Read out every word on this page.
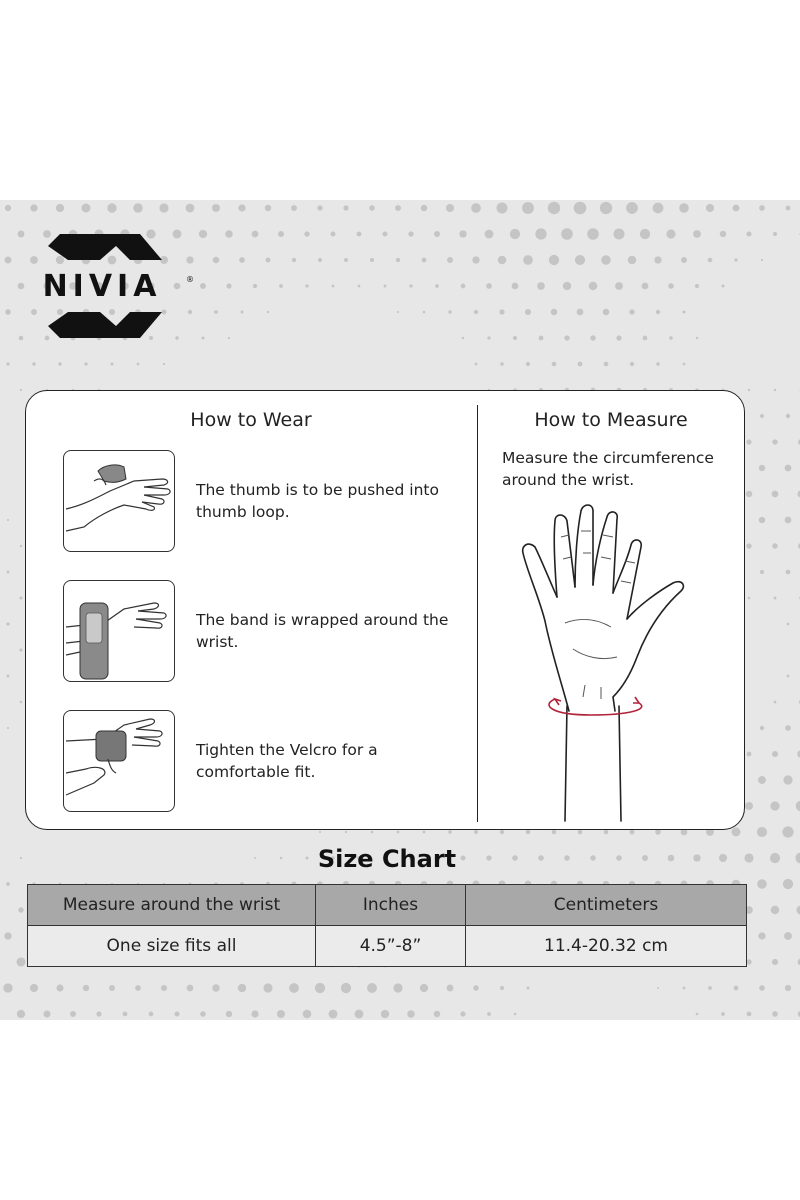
NIVIA	®
How to Wear	How to Measure
The thumb is to be pushed into thumb loop.
The band is wrapped around the wrist.
Tighten the Velcro for a comfortable fit.
Measure the circumference around the wrist.
Size Chart
Measure around the wrist	Inches	Centimeters
One size fits all	4.5”-8”	11.4-20.32 cm
